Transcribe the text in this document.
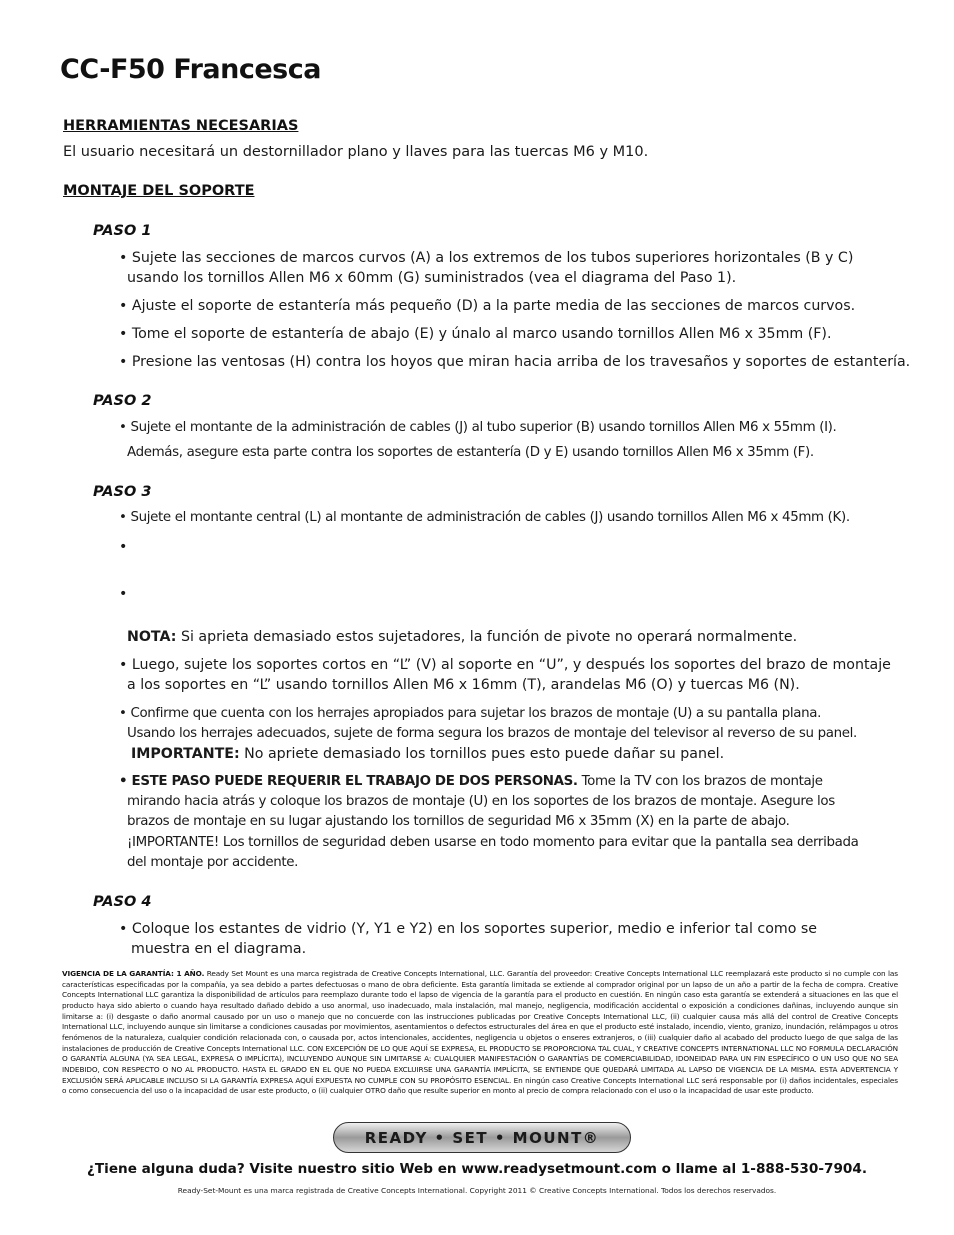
CC-F50 Francesca
HERRAMIENTAS NECESARIAS
El usuario necesitará un destornillador plano y llaves para las tuercas M6 y M10.
MONTAJE DEL SOPORTE
PASO 1
• Sujete las secciones de marcos curvos (A) a los extremos de los tubos superiores horizontales (B y C)
usando los tornillos Allen M6 x 60mm (G) suministrados (vea el diagrama del Paso 1).
• Ajuste el soporte de estantería más pequeño (D) a la parte media de las secciones de marcos curvos.
• Tome el soporte de estantería de abajo (E) y únalo al marco usando tornillos Allen M6 x 35mm (F).
• Presione las ventosas (H) contra los hoyos que miran hacia arriba de los travesaños y soportes de estantería.
PASO 2
• Sujete el montante de la administración de cables (J) al tubo superior (B) usando tornillos Allen M6 x 55mm (I).
Además, asegure esta parte contra los soportes de estantería (D y E) usando tornillos Allen M6 x 35mm (F).
PASO 3
• Sujete el montante central (L) al montante de administración de cables (J) usando tornillos Allen M6 x 45mm (K).
•
•
NOTA: Si aprieta demasiado estos sujetadores, la función de pivote no operará normalmente.
• Luego, sujete los soportes cortos en “L” (V) al soporte en “U”, y después los soportes del brazo de montaje
a los soportes en “L” usando tornillos Allen M6 x 16mm (T), arandelas M6 (O) y tuercas M6 (N).
• Confirme que cuenta con los herrajes apropiados para sujetar los brazos de montaje (U) a su pantalla plana.
Usando los herrajes adecuados, sujete de forma segura los brazos de montaje del televisor al reverso de su panel.
IMPORTANTE: No apriete demasiado los tornillos pues esto puede dañar su panel.
• ESTE PASO PUEDE REQUERIR EL TRABAJO DE DOS PERSONAS. Tome la TV con los brazos de montaje
mirando hacia atrás y coloque los brazos de montaje (U) en los soportes de los brazos de montaje. Asegure los
brazos de montaje en su lugar ajustando los tornillos de seguridad M6 x 35mm (X) en la parte de abajo.
¡IMPORTANTE! Los tornillos de seguridad deben usarse en todo momento para evitar que la pantalla sea derribada
del montaje por accidente.
PASO 4
• Coloque los estantes de vidrio (Y, Y1 e Y2) en los soportes superior, medio e inferior tal como se
muestra en el diagrama.
VIGENCIA DE LA GARANTÍA: 1 AÑO. Ready Set Mount es una marca registrada de Creative Concepts International, LLC. Garantía del proveedor: Creative Concepts International LLC reemplazará este producto si no cumple con las características especificadas por la compañía, ya sea debido a partes defectuosas o mano de obra deficiente. Esta garantía limitada se extiende al comprador original por un lapso de un año a partir de la fecha de compra. Creative Concepts International LLC garantiza la disponibilidad de artículos para reemplazo durante todo el lapso de vigencia de la garantía para el producto en cuestión. En ningún caso esta garantía se extenderá a situaciones en las que el producto haya sido abierto o cuando haya resultado dañado debido a uso anormal, uso inadecuado, mala instalación, mal manejo, negligencia, modificación accidental o exposición a condiciones dañinas, incluyendo aunque sin limitarse a: (i) desgaste o daño anormal causado por un uso o manejo que no concuerde con las instrucciones publicadas por Creative Concepts International LLC, (ii) cualquier causa más allá del control de Creative Concepts International LLC, incluyendo aunque sin limitarse a condiciones causadas por movimientos, asentamientos o defectos estructurales del área en que el producto esté instalado, incendio, viento, granizo, inundación, relámpagos u otros fenómenos de la naturaleza, cualquier condición relacionada con, o causada por, actos intencionales, accidentes, negligencia u objetos o enseres extranjeros, o (iii) cualquier daño al acabado del producto luego de que salga de las instalaciones de producción de Creative Concepts International LLC. CON EXCEPCIÓN DE LO QUE AQUÍ SE EXPRESA, EL PRODUCTO SE PROPORCIONA TAL CUAL, Y CREATIVE CONCEPTS INTERNATIONAL LLC NO FORMULA DECLARACIÓN O GARANTÍA ALGUNA (YA SEA LEGAL, EXPRESA O IMPLÍCITA), INCLUYENDO AUNQUE SIN LIMITARSE A: CUALQUIER MANIFESTACIÓN O GARANTÍAS DE COMERCIABILIDAD, IDONEIDAD PARA UN FIN ESPECÍFICO O UN USO QUE NO SEA INDEBIDO, CON RESPECTO O NO AL PRODUCTO. HASTA EL GRADO EN EL QUE NO PUEDA EXCLUIRSE UNA GARANTÍA IMPLÍCITA, SE ENTIENDE QUE QUEDARÁ LIMITADA AL LAPSO DE VIGENCIA DE LA MISMA. ESTA ADVERTENCIA Y EXCLUSIÓN SERÁ APLICABLE INCLUSO SI LA GARANTÍA EXPRESA AQUÍ EXPUESTA NO CUMPLE CON SU PROPÓSITO ESENCIAL. En ningún caso Creative Concepts International LLC será responsable por (i) daños incidentales, especiales o como consecuencia del uso o la incapacidad de usar este producto, o (ii) cualquier OTRO daño que resulte superior en monto al precio de compra relacionado con el uso o la incapacidad de usar este producto.
READY • SET • MOUNT®
¿Tiene alguna duda? Visite nuestro sitio Web en www.readysetmount.com o llame al 1-888-530-7904.
Ready-Set-Mount es una marca registrada de Creative Concepts International. Copyright 2011 © Creative Concepts International. Todos los derechos reservados.
